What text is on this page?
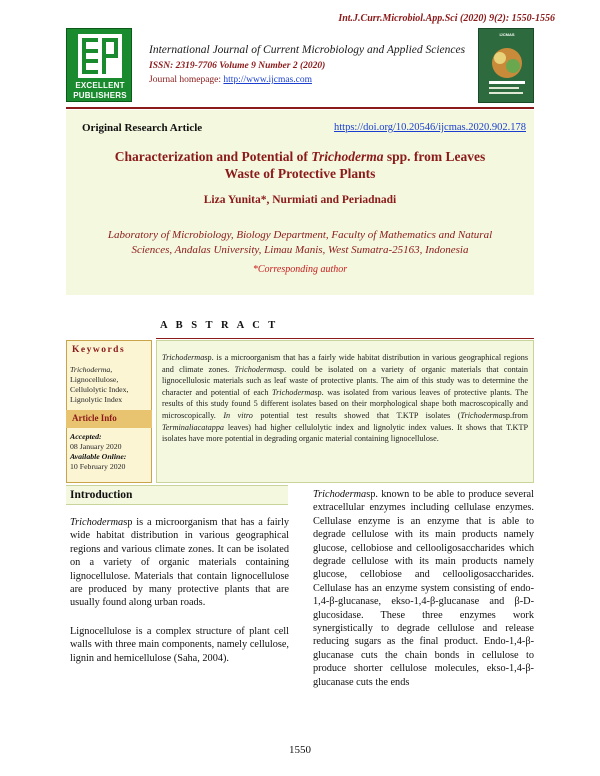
Int.J.Curr.Microbiol.App.Sci (2020) 9(2): 1550-1556
EXCELLENT
PUBLISHERS
IJCMAS
International Journal of Current Microbiology and Applied Sciences
ISSN: 2319-7706 Volume 9 Number 2 (2020)
Journal homepage: http://www.ijcmas.com
Original Research Article	https://doi.org/10.20546/ijcmas.2020.902.178
Characterization and Potential of Trichoderma spp. from Leaves Waste of Protective Plants
Liza Yunita*, Nurmiati and Periadnadi
Laboratory of Microbiology, Biology Department, Faculty of Mathematics and Natural Sciences, Andalas University, Limau Manis, West Sumatra-25163, Indonesia
*Corresponding author
A B S T R A C T
Keywords
Trichoderma,
Lignocellulose, Cellulolytic Index, Lignolytic Index
Article Info
Accepted:
08 January 2020
Available Online:
10 February 2020
Trichodermasp. is a microorganism that has a fairly wide habitat distribution in various geographical regions and climate zones. Trichodermasp. could be isolated on a variety of organic materials that contain lignocellulosic materials such as leaf waste of protective plants. The aim of this study was to determine the character and potential of each Trichodermasp. was isolated from various leaves of protective plants. The results of this study found 5 different isolates based on their morphological shape both macroscopically and microscopically. In vitro potential test results showed that T.KTP isolates (Trichodermasp.from Terminaliacatappa leaves) had higher cellulolytic index and lignolytic index values. It shows that T.KTP isolates have more potential in degrading organic material containing lignocellulose.
Introduction
Trichodermasp is a microorganism that has a fairly wide habitat distribution in various geographical regions and various climate zones. It can be isolated on a variety of organic materials containing lignocellulose. Materials that contain lignocellulose are produced by many protective plants that are usually found along urban roads.
Lignocellulose is a complex structure of plant cell walls with three main components, namely cellulose, lignin and hemicellulose (Saha, 2004).
Trichodermasp. known to be able to produce several extracellular enzymes including cellulase enzymes. Cellulase enzyme is an enzyme that is able to degrade cellulose with its main products namely glucose, cellobiose and cellooligosaccharides which degrade cellulose with its main products namely glucose, cellobiose and cellooligosaccharides. Cellulase has an enzyme system consisting of endo-1,4-β-glucanase, ekso-1,4-β-glucanase and β-D-glucosidase. These three enzymes work synergistically to degrade cellulose and release reducing sugars as the final product. Endo-1,4-β-glucanase cuts the chain bonds in cellulose to produce shorter cellulose molecules, ekso-1,4-β-glucanase cuts the ends
1550
